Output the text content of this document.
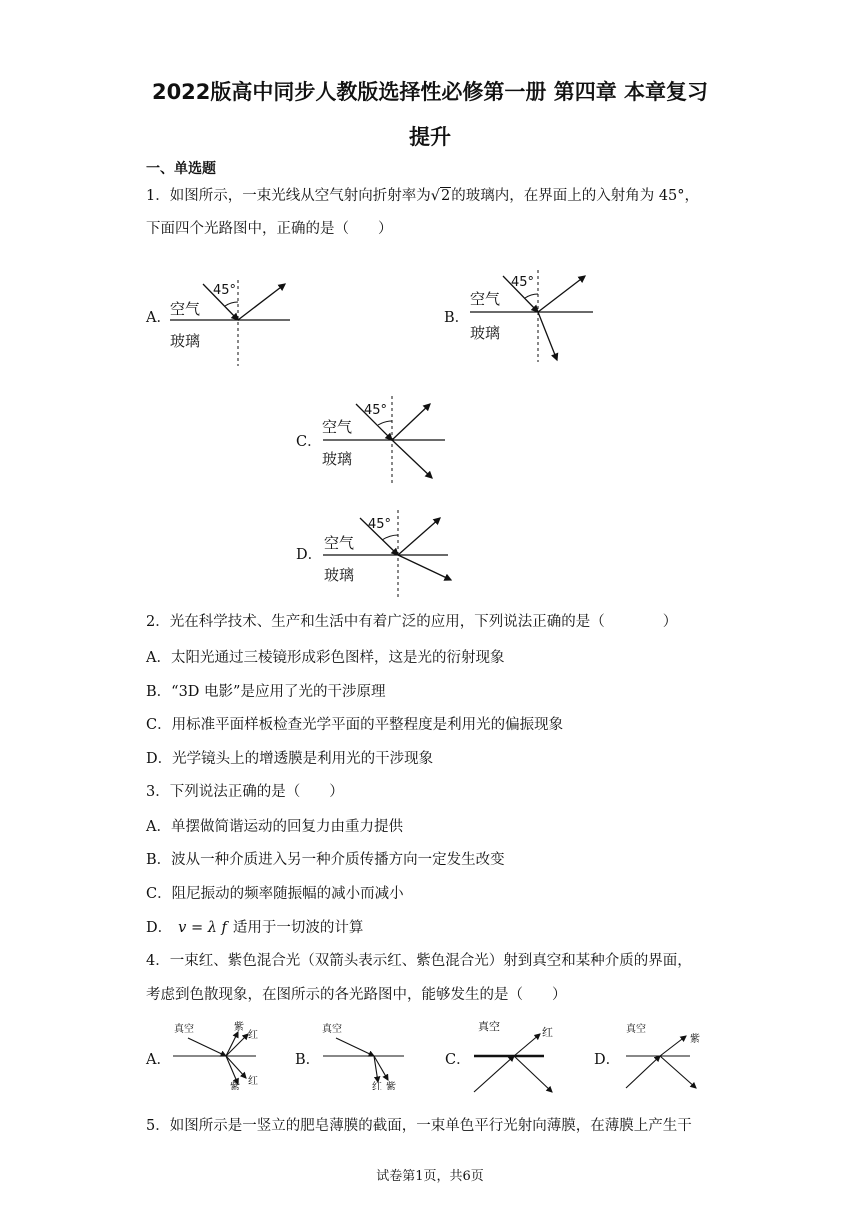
2022版高中同步人教版选择性必修第一册 第四章 本章复习
提升
一、单选题
1．如图所示，一束光线从空气射向折射率为√2的玻璃内，在界面上的入射角为 45°，
下面四个光路图中，正确的是（　　）
A．
45°
空气
玻璃
B．
45°
空气
玻璃
C．
45°
空气
玻璃
D．
45°
空气
玻璃
2．光在科学技术、生产和生活中有着广泛的应用，下列说法正确的是（　　　　）
A．太阳光通过三棱镜形成彩色图样，这是光的衍射现象
B．“3D 电影”是应用了光的干涉原理
C．用标准平面样板检查光学平面的平整程度是利用光的偏振现象
D．光学镜头上的增透膜是利用光的干涉现象
3．下列说法正确的是（　　）
A．单摆做简谐运动的回复力由重力提供
B．波从一种介质进入另一种介质传播方向一定发生改变
C．阻尼振动的频率随振幅的减小而减小
D． v = λ f 适用于一切波的计算
4．一束红、紫色混合光（双箭头表示红、紫色混合光）射到真空和某种介质的界面，
考虑到色散现象，在图所示的各光路图中，能够发生的是（　　）
A．
真空	紫
红
紫
红
B．
真空
红 紫
C．
真空	红
D．
真空
紫
5．如图所示是一竖立的肥皂薄膜的截面，一束单色平行光射向薄膜，在薄膜上产生干
试卷第1页，共6页
